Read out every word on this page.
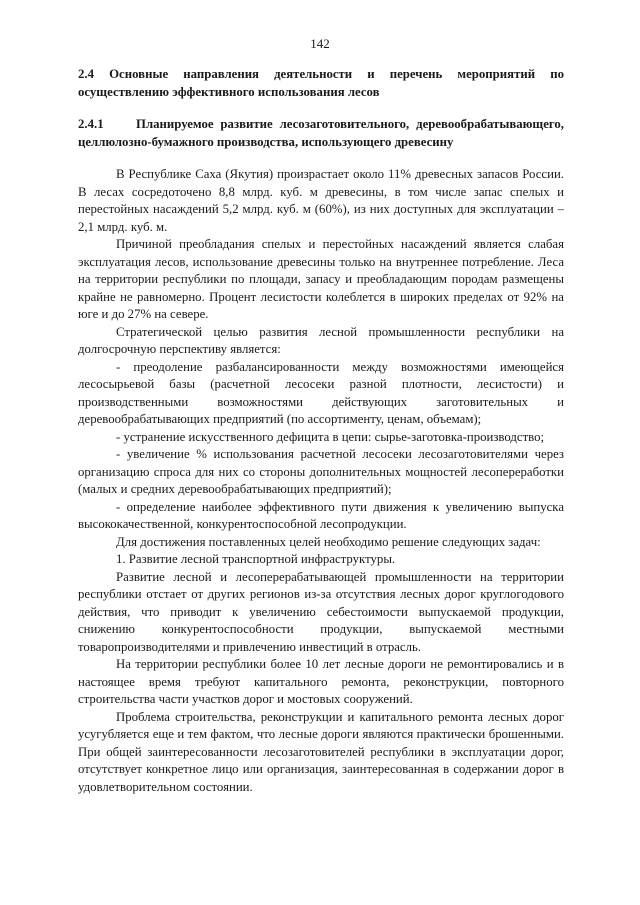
142

2.4 Основные направления деятельности и перечень мероприятий по осуществлению эффективного использования лесов

2.4.1	Планируемое развитие лесозаготовительного, деревообрабатывающего, целлюлозно-бумажного производства, использующего древесину

В Республике Саха (Якутия) произрастает около 11% древесных запасов России. В лесах сосредоточено 8,8 млрд. куб. м древесины, в том числе запас спелых и перестойных насаждений 5,2 млрд. куб. м (60%), из них доступных для эксплуатации – 2,1 млрд. куб. м.

Причиной преобладания спелых и перестойных насаждений является слабая эксплуатация лесов, использование древесины только на внутреннее потребление. Леса на территории республики по площади, запасу и преобладающим породам размещены крайне не равномерно. Процент лесистости колеблется в широких пределах от 92% на юге и до 27% на севере.

Стратегической целью развития лесной промышленности республики на долгосрочную перспективу является:

- преодоление разбалансированности между возможностями имеющейся лесосырьевой базы (расчетной лесосеки разной плотности, лесистости) и производственными возможностями действующих заготовительных и деревообрабатывающих предприятий (по ассортименту, ценам, объемам);

- устранение искусственного дефицита в цепи: сырье-заготовка-производство;

- увеличение % использования расчетной лесосеки лесозаготовителями через организацию спроса для них со стороны дополнительных мощностей лесопереработки (малых и средних деревообрабатывающих предприятий);

- определение наиболее эффективного пути движения к увеличению выпуска высококачественной, конкурентоспособной лесопродукции.

Для достижения поставленных целей необходимо решение следующих задач:

1. Развитие лесной транспортной инфраструктуры.

Развитие лесной и лесоперерабатывающей промышленности на территории республики отстает от других регионов из-за отсутствия лесных дорог круглогодового действия, что приводит к увеличению себестоимости выпускаемой продукции, снижению конкурентоспособности продукции, выпускаемой местными товаропроизводителями и привлечению инвестиций в отрасль.

На территории республики более 10 лет лесные дороги не ремонтировались и в настоящее время требуют капитального ремонта, реконструкции, повторного строительства части участков дорог и мостовых сооружений.

Проблема строительства, реконструкции и капитального ремонта лесных дорог усугубляется еще и тем фактом, что лесные дороги являются практически брошенными. При общей заинтересованности лесозаготовителей республики в эксплуатации дорог, отсутствует конкретное лицо или организация, заинтересованная в содержании дорог в удовлетворительном состоянии.
